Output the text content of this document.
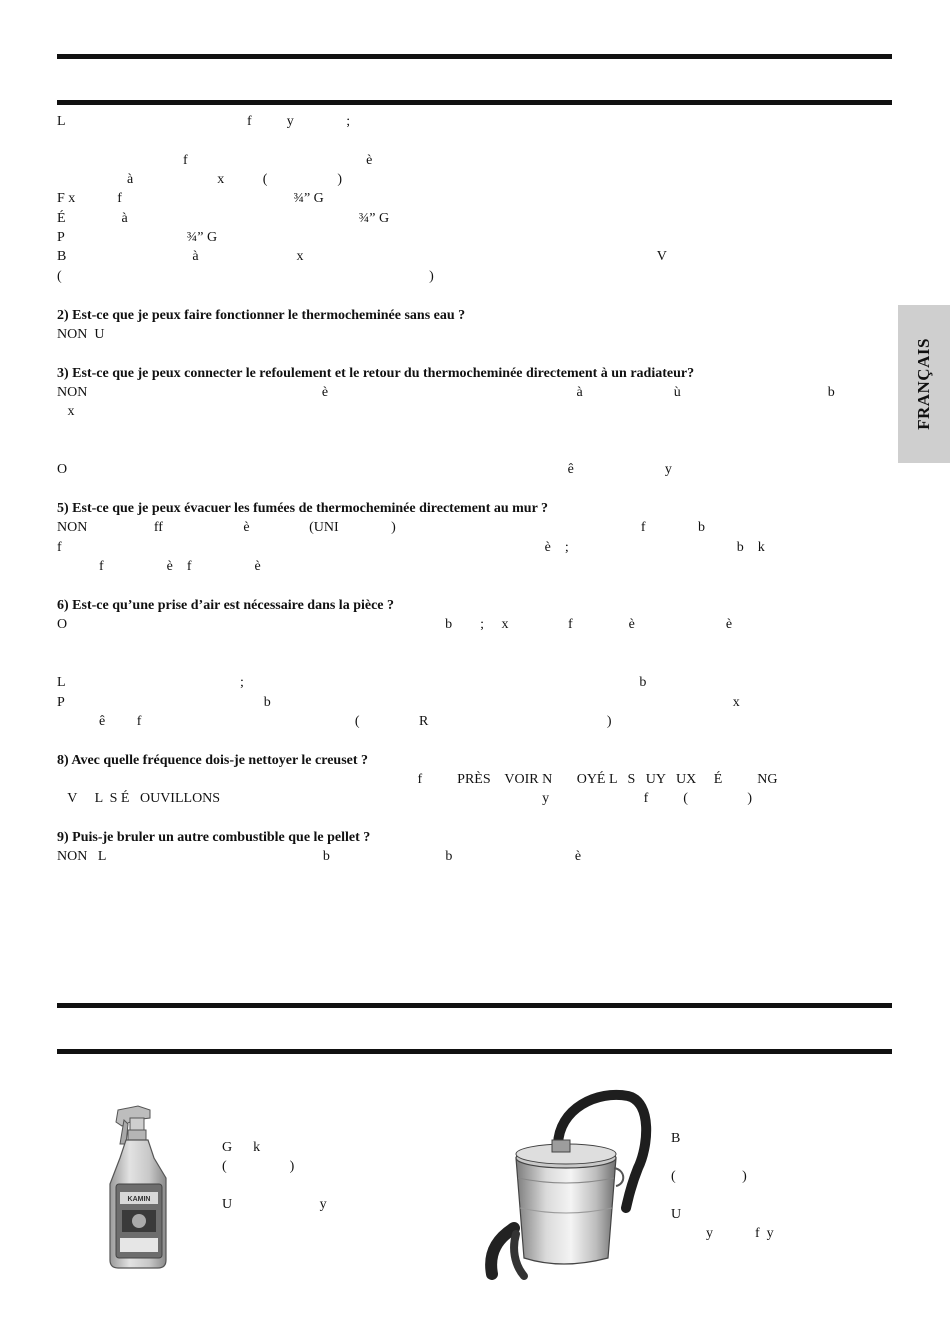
L                                                    f          y               ;
f                                                   è
à                        x           (                    )
F x            f                                                 ¾” G
É                à                                                                  ¾” G
P                                   ¾” G
B                                    à                            x                                                                                                     V
(                                                                                                         )
2) Est-ce que je peux faire fonctionner le thermocheminée sans eau ?
NON  U
3) Est-ce que je peux connecter le refoulement et le retour du thermocheminée directement à un radiateur?
NON                                                                   è                                                                       à                          ù                                          b
x
O                                                                                                                                               ê                          y
5) Est-ce que je peux évacuer les fumées de thermocheminée directement au mur ?
NON                   ff                       è                 (UNI               )                                                                      f               b
f                                                                                                                                          è    ;                                                b    k
f                  è    f                  è
6) Est-ce qu’une prise d’air est nécessaire dans la pièce ?
O                                                                                                            b        ;     x                 f                è                          è
L                                                  ;                                                                                                                 b
P                                                         b                                                                                                                                    x
ê         f                                                             (                 R                                                   )
8) Avec quelle fréquence dois-je nettoyer le creuset ?
f          PRÈS    VOIR N       OYÉ L   S   UY   UX     É          NG
V     L  S É   OUVILLONS                                                                                            y                           f          (                 )
9) Puis-je bruler un autre combustible que le pellet ?
NON   L                                                              b                                 b                                   è
FRANÇAIS
KAMIN
G      k
(                  )
U                         y
B
(                   )
U
y            f  y
